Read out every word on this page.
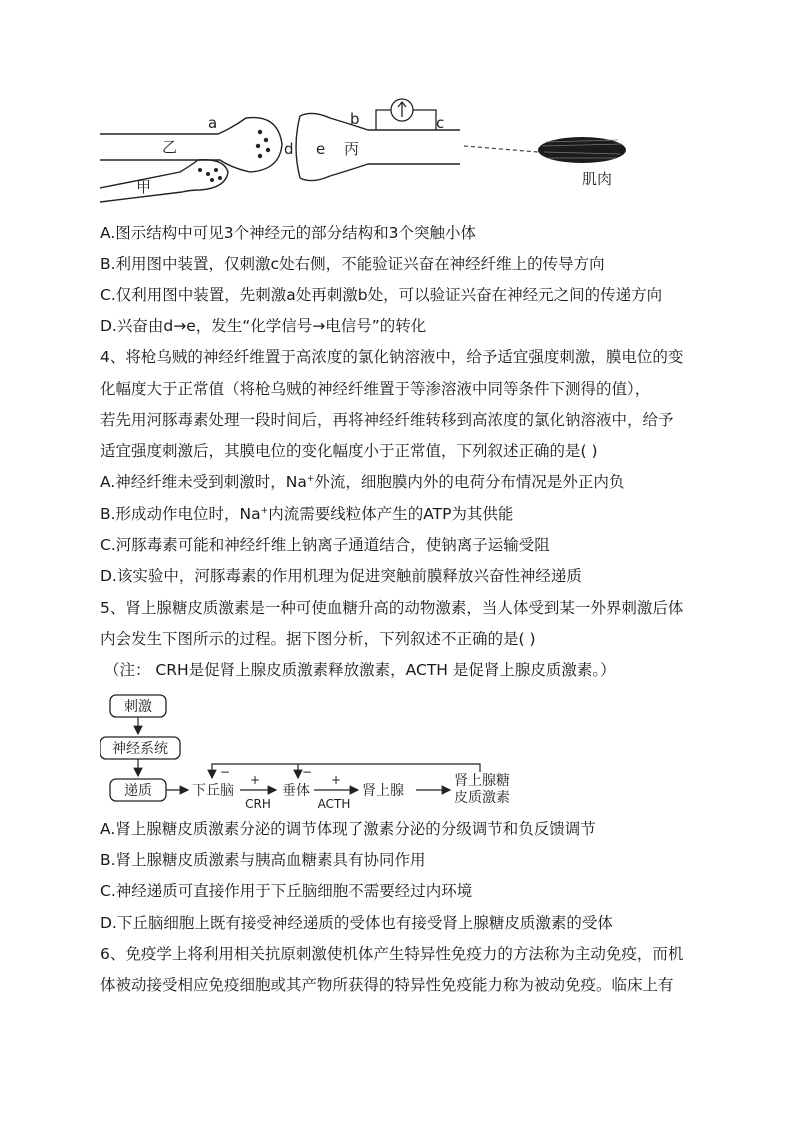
a
乙
甲
d e 丙
b	c
肌肉
A.图示结构中可见3个神经元的部分结构和3个突触小体
B.利用图中装置，仅刺激c处右侧，不能验证兴奋在神经纤维上的传导方向
C.仅利用图中装置，先刺激a处再刺激b处，可以验证兴奋在神经元之间的传递方向
D.兴奋由d→e，发生“化学信号→电信号”的转化
4、将枪乌贼的神经纤维置于高浓度的氯化钠溶液中，给予适宜强度刺激，膜电位的变
化幅度大于正常值（将枪乌贼的神经纤维置于等渗溶液中同等条件下测得的值），
若先用河豚毒素处理一段时间后，再将神经纤维转移到高浓度的氯化钠溶液中，给予
适宜强度刺激后，其膜电位的变化幅度小于正常值，下列叙述正确的是( )
A.神经纤维未受到刺激时，Na+外流，细胞膜内外的电荷分布情况是外正内负
B.形成动作电位时，Na+内流需要线粒体产生的ATP为其供能
C.河豚毒素可能和神经纤维上钠离子通道结合，使钠离子运输受阻
D.该实验中，河豚毒素的作用机理为促进突触前膜释放兴奋性神经递质
5、肾上腺糖皮质激素是一种可使血糖升高的动物激素，当人体受到某一外界刺激后体
内会发生下图所示的过程。据下图分析，下列叙述不正确的是( )
（注： CRH是促肾上腺皮质激素释放激素，ACTH 是促肾上腺皮质激素。）
刺激
神经系统
递质	下丘脑
+
CRH
垂体
+
ACTH
肾上腺
肾上腺糖
皮质激素
−	−
A.肾上腺糖皮质激素分泌的调节体现了激素分泌的分级调节和负反馈调节
B.肾上腺糖皮质激素与胰高血糖素具有协同作用
C.神经递质可直接作用于下丘脑细胞不需要经过内环境
D.下丘脑细胞上既有接受神经递质的受体也有接受肾上腺糖皮质激素的受体
6、免疫学上将利用相关抗原刺激使机体产生特异性免疫力的方法称为主动免疫，而机
体被动接受相应免疫细胞或其产物所获得的特异性免疫能力称为被动免疫。临床上有
